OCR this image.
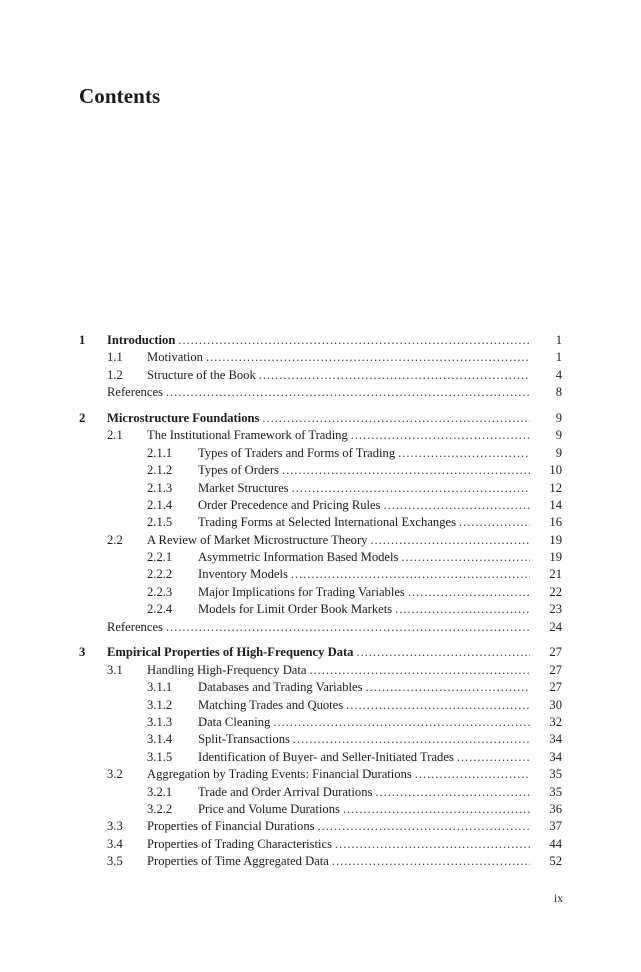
Contents
1 Introduction . . .	1
1.1 Motivation . . .	1
1.2 Structure of the Book . . .	4
References . . .	8
2 Microstructure Foundations . . .	9
2.1 The Institutional Framework of Trading . . .	9
2.1.1 Types of Traders and Forms of Trading . . .	9
2.1.2 Types of Orders . . .	10
2.1.3 Market Structures . . .	12
2.1.4 Order Precedence and Pricing Rules . . .	14
2.1.5 Trading Forms at Selected International Exchanges . . .	16
2.2 A Review of Market Microstructure Theory . . .	19
2.2.1 Asymmetric Information Based Models . . .	19
2.2.2 Inventory Models . . .	21
2.2.3 Major Implications for Trading Variables . . .	22
2.2.4 Models for Limit Order Book Markets . . .	23
References . . .	24
3 Empirical Properties of High-Frequency Data . . .	27
3.1 Handling High-Frequency Data . . .	27
3.1.1 Databases and Trading Variables . . .	27
3.1.2 Matching Trades and Quotes . . .	30
3.1.3 Data Cleaning . . .	32
3.1.4 Split-Transactions . . .	34
3.1.5 Identification of Buyer- and Seller-Initiated Trades . . .	34
3.2 Aggregation by Trading Events: Financial Durations . . .	35
3.2.1 Trade and Order Arrival Durations . . .	35
3.2.2 Price and Volume Durations . . .	36
3.3 Properties of Financial Durations . . .	37
3.4 Properties of Trading Characteristics . . .	44
3.5 Properties of Time Aggregated Data . . .	52
ix
